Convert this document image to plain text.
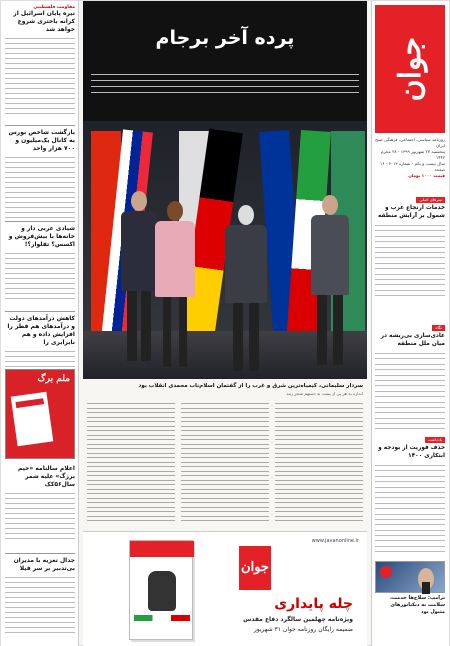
جوان
روزنامه سیاسی، اجتماعی، فرهنگی صبح ایران
پنجشنبه ۲۷ شهریور ۱۳۹۹ - ۲۸ محرم ۱۴۴۲
سال بیست و یکم - شماره ۶۰۱۳ - ۱۶ صفحه
قیمت ۱۰۰۰ تومان
تیترهای اصلی
خدمات ارتجاع عرب و شمول بر آرایش منطقه
نگاه
عادی‌سازی بی‌ریشه در میان ملل منطقه
یادداشت
حذف فوریت از بودجه و ابتکاری ۱۴۰۰
ترامپ: سلاح‌ها خدمت، سلامت به دیکتاتورهای مثبول بود
مقاومت فلسطینی
تیره پایان اسرائیل از کرانه باختری شروع خواهد شد
بازگشت شاخص بورس به کانال یک‌میلیون و ۷۰۰ هزار واحد
شیادی عربی دار و خانه‌ها با بیش‌فروش و اکسس؟ تقلوار؟!
کاهش درآمدهای دولت و درآمدهای هم قطر را افزایش داده و هم نابرابری را
ملم برگ
اعلام سالنامه «خیم برزگ» علیه شمر سال۵۶کک
جدال تعزیه با مدیران بی‌تدبیر بر سر قیلا
پرده آخر برجام
سردار سلیمانی، کیمیاه‌ترین شرق و غرب را از گفتمان اسلام‌ناب محمدی انقلاب بود
اندازه به هر پی از پست به دستهم شجر زنند
www.javanonline.ir
جوان
چله پایداری
ویژه‌نامه چهلمین سالگرد دفاع مقدس
ضمیمه رایگان روزنامه جوان ۳۱ شهریور
